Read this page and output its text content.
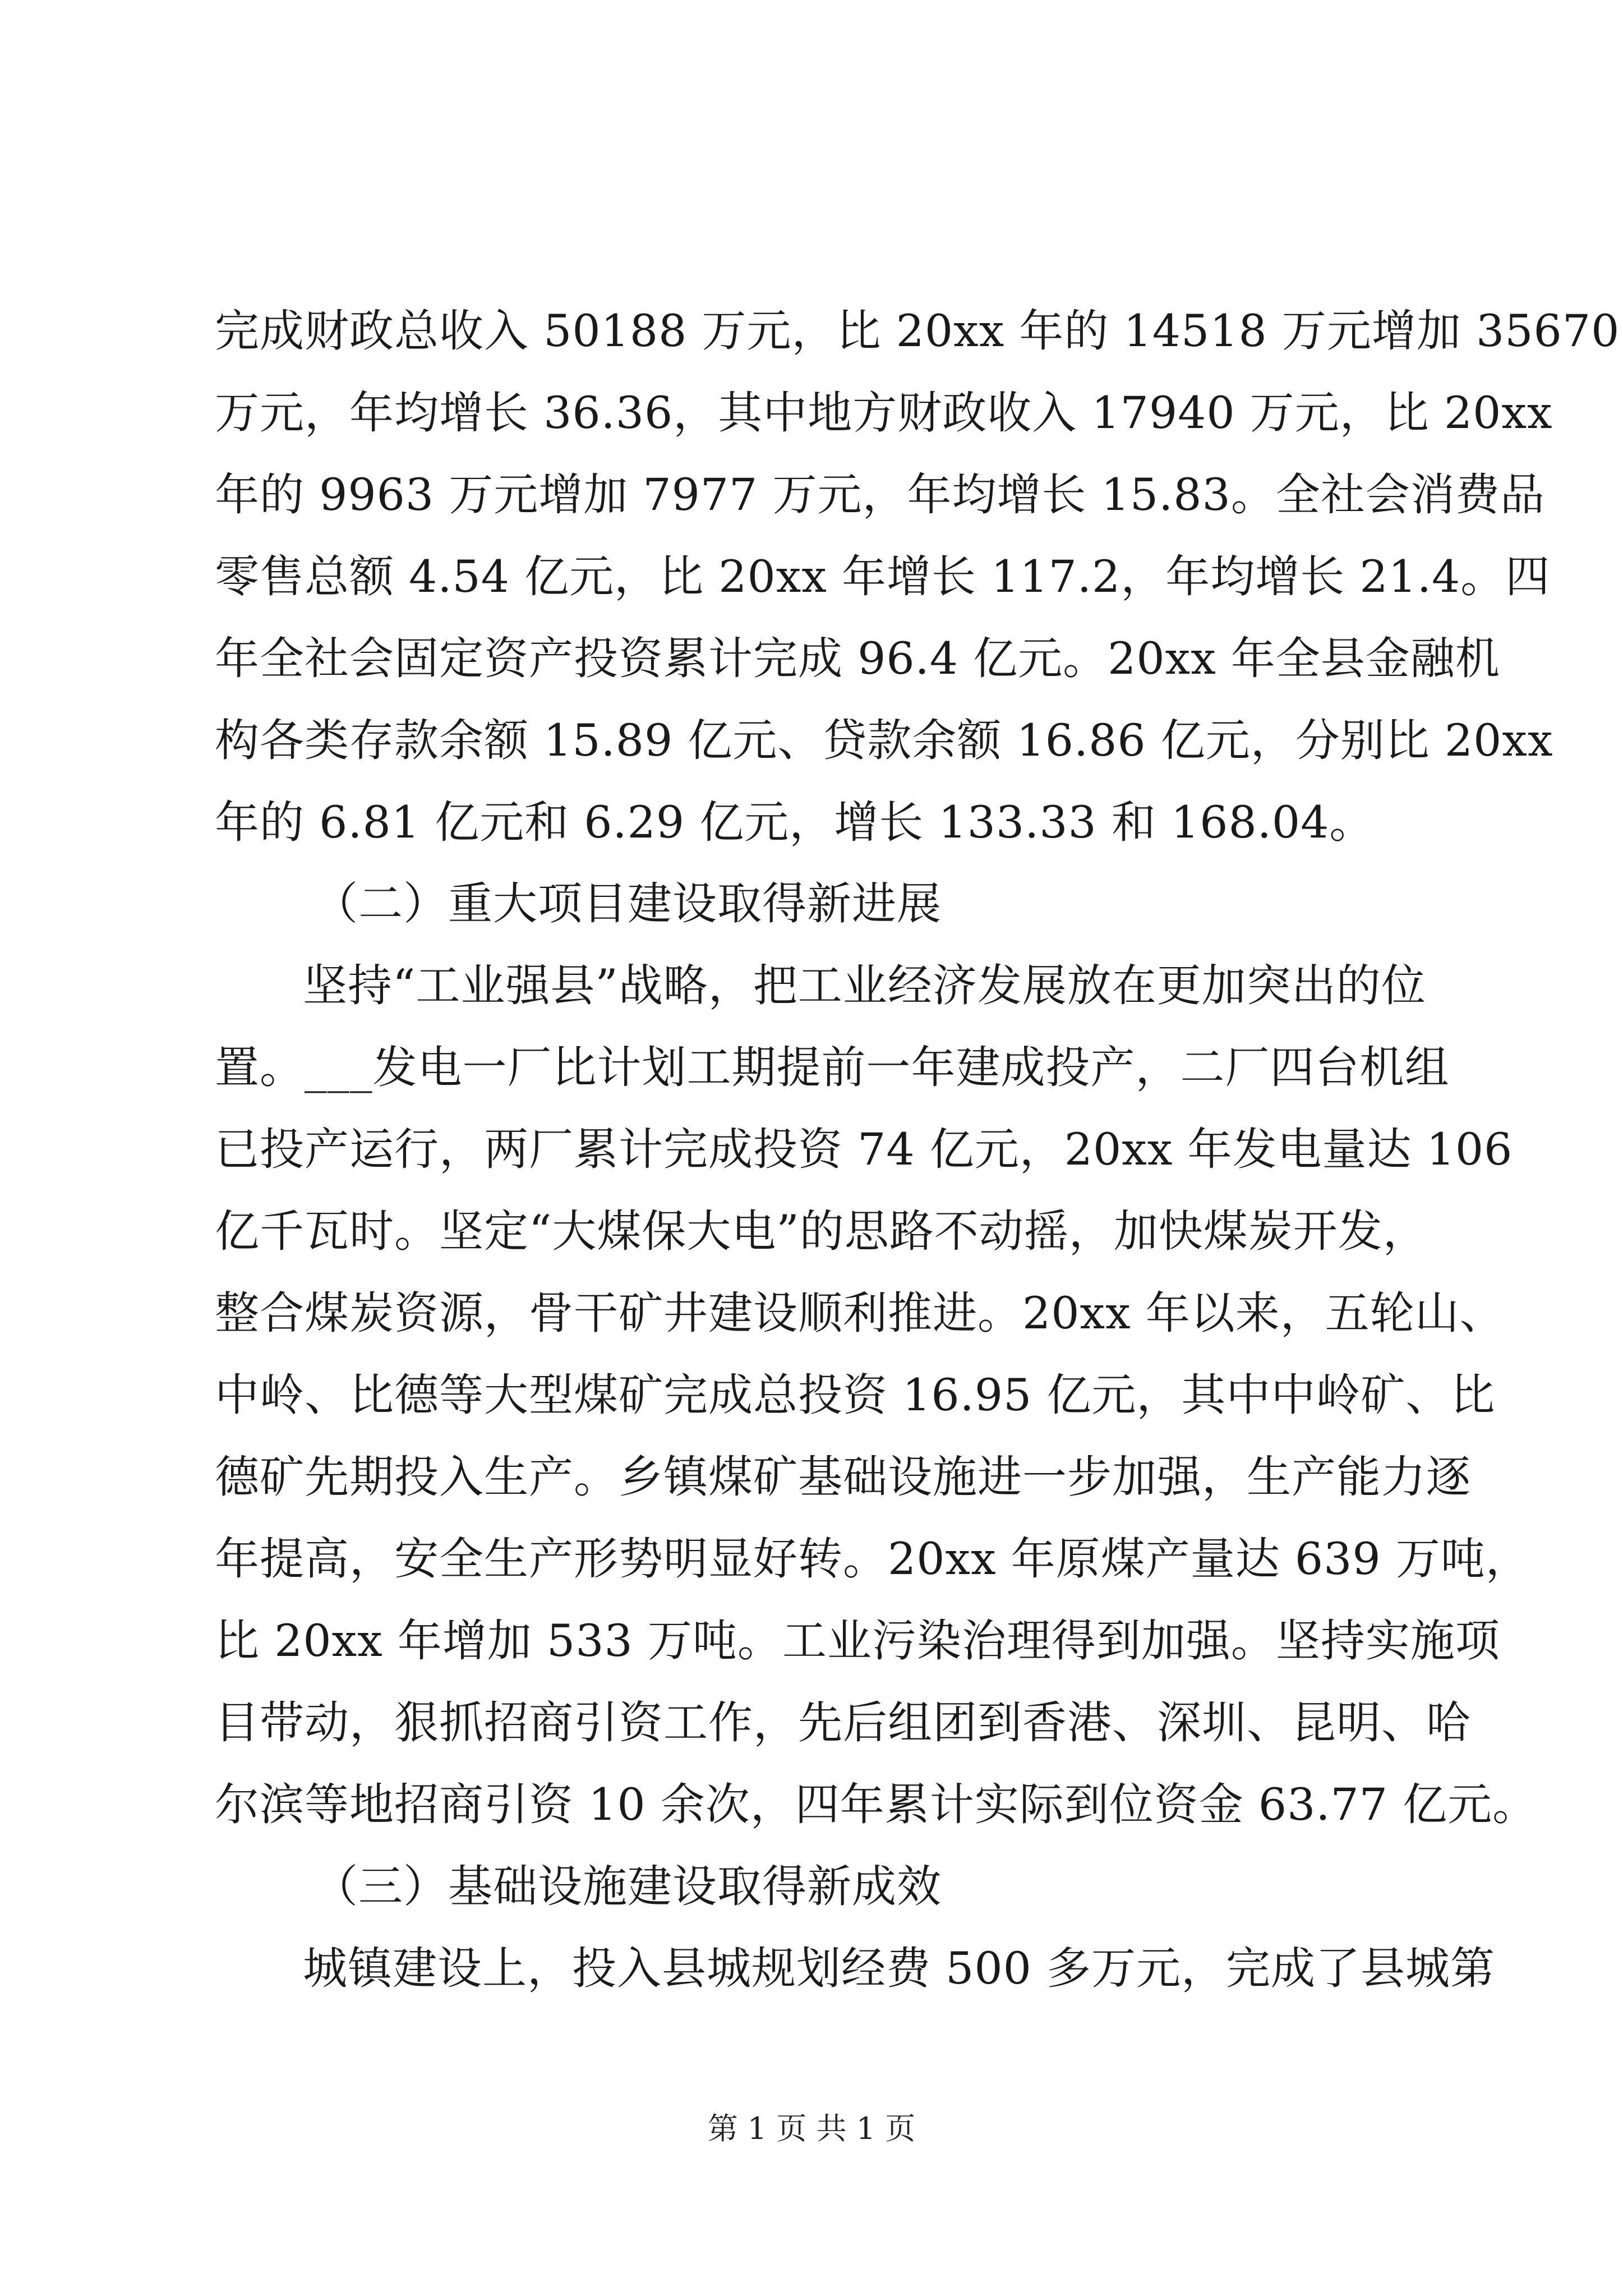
完成财政总收入 50188 万元，比 20xx 年的 14518 万元增加 35670

万元，年均增长 36.36，其中地方财政收入 17940 万元，比 20xx

年的 9963 万元增加 7977 万元，年均增长 15.83。全社会消费品

零售总额 4.54 亿元，比 20xx 年增长 117.2，年均增长 21.4。四

年全社会固定资产投资累计完成 96.4 亿元。20xx 年全县金融机

构各类存款余额 15.89 亿元、贷款余额 16.86 亿元，分别比 20xx

年的 6.81 亿元和 6.29 亿元，增长 133.33 和 168.04。

（二）重大项目建设取得新进展

坚持“工业强县”战略，把工业经济发展放在更加突出的位

置。___发电一厂比计划工期提前一年建成投产，二厂四台机组

已投产运行，两厂累计完成投资 74 亿元，20xx 年发电量达 106

亿千瓦时。坚定“大煤保大电”的思路不动摇，加快煤炭开发，

整合煤炭资源，骨干矿井建设顺利推进。20xx 年以来，五轮山、

中岭、比德等大型煤矿完成总投资 16.95 亿元，其中中岭矿、比

德矿先期投入生产。乡镇煤矿基础设施进一步加强，生产能力逐

年提高，安全生产形势明显好转。20xx 年原煤产量达 639 万吨，

比 20xx 年增加 533 万吨。工业污染治理得到加强。坚持实施项

目带动，狠抓招商引资工作，先后组团到香港、深圳、昆明、哈

尔滨等地招商引资 10 余次，四年累计实际到位资金 63.77 亿元。

（三）基础设施建设取得新成效

城镇建设上，投入县城规划经费 500 多万元，完成了县城第

第 1 页 共 1 页
